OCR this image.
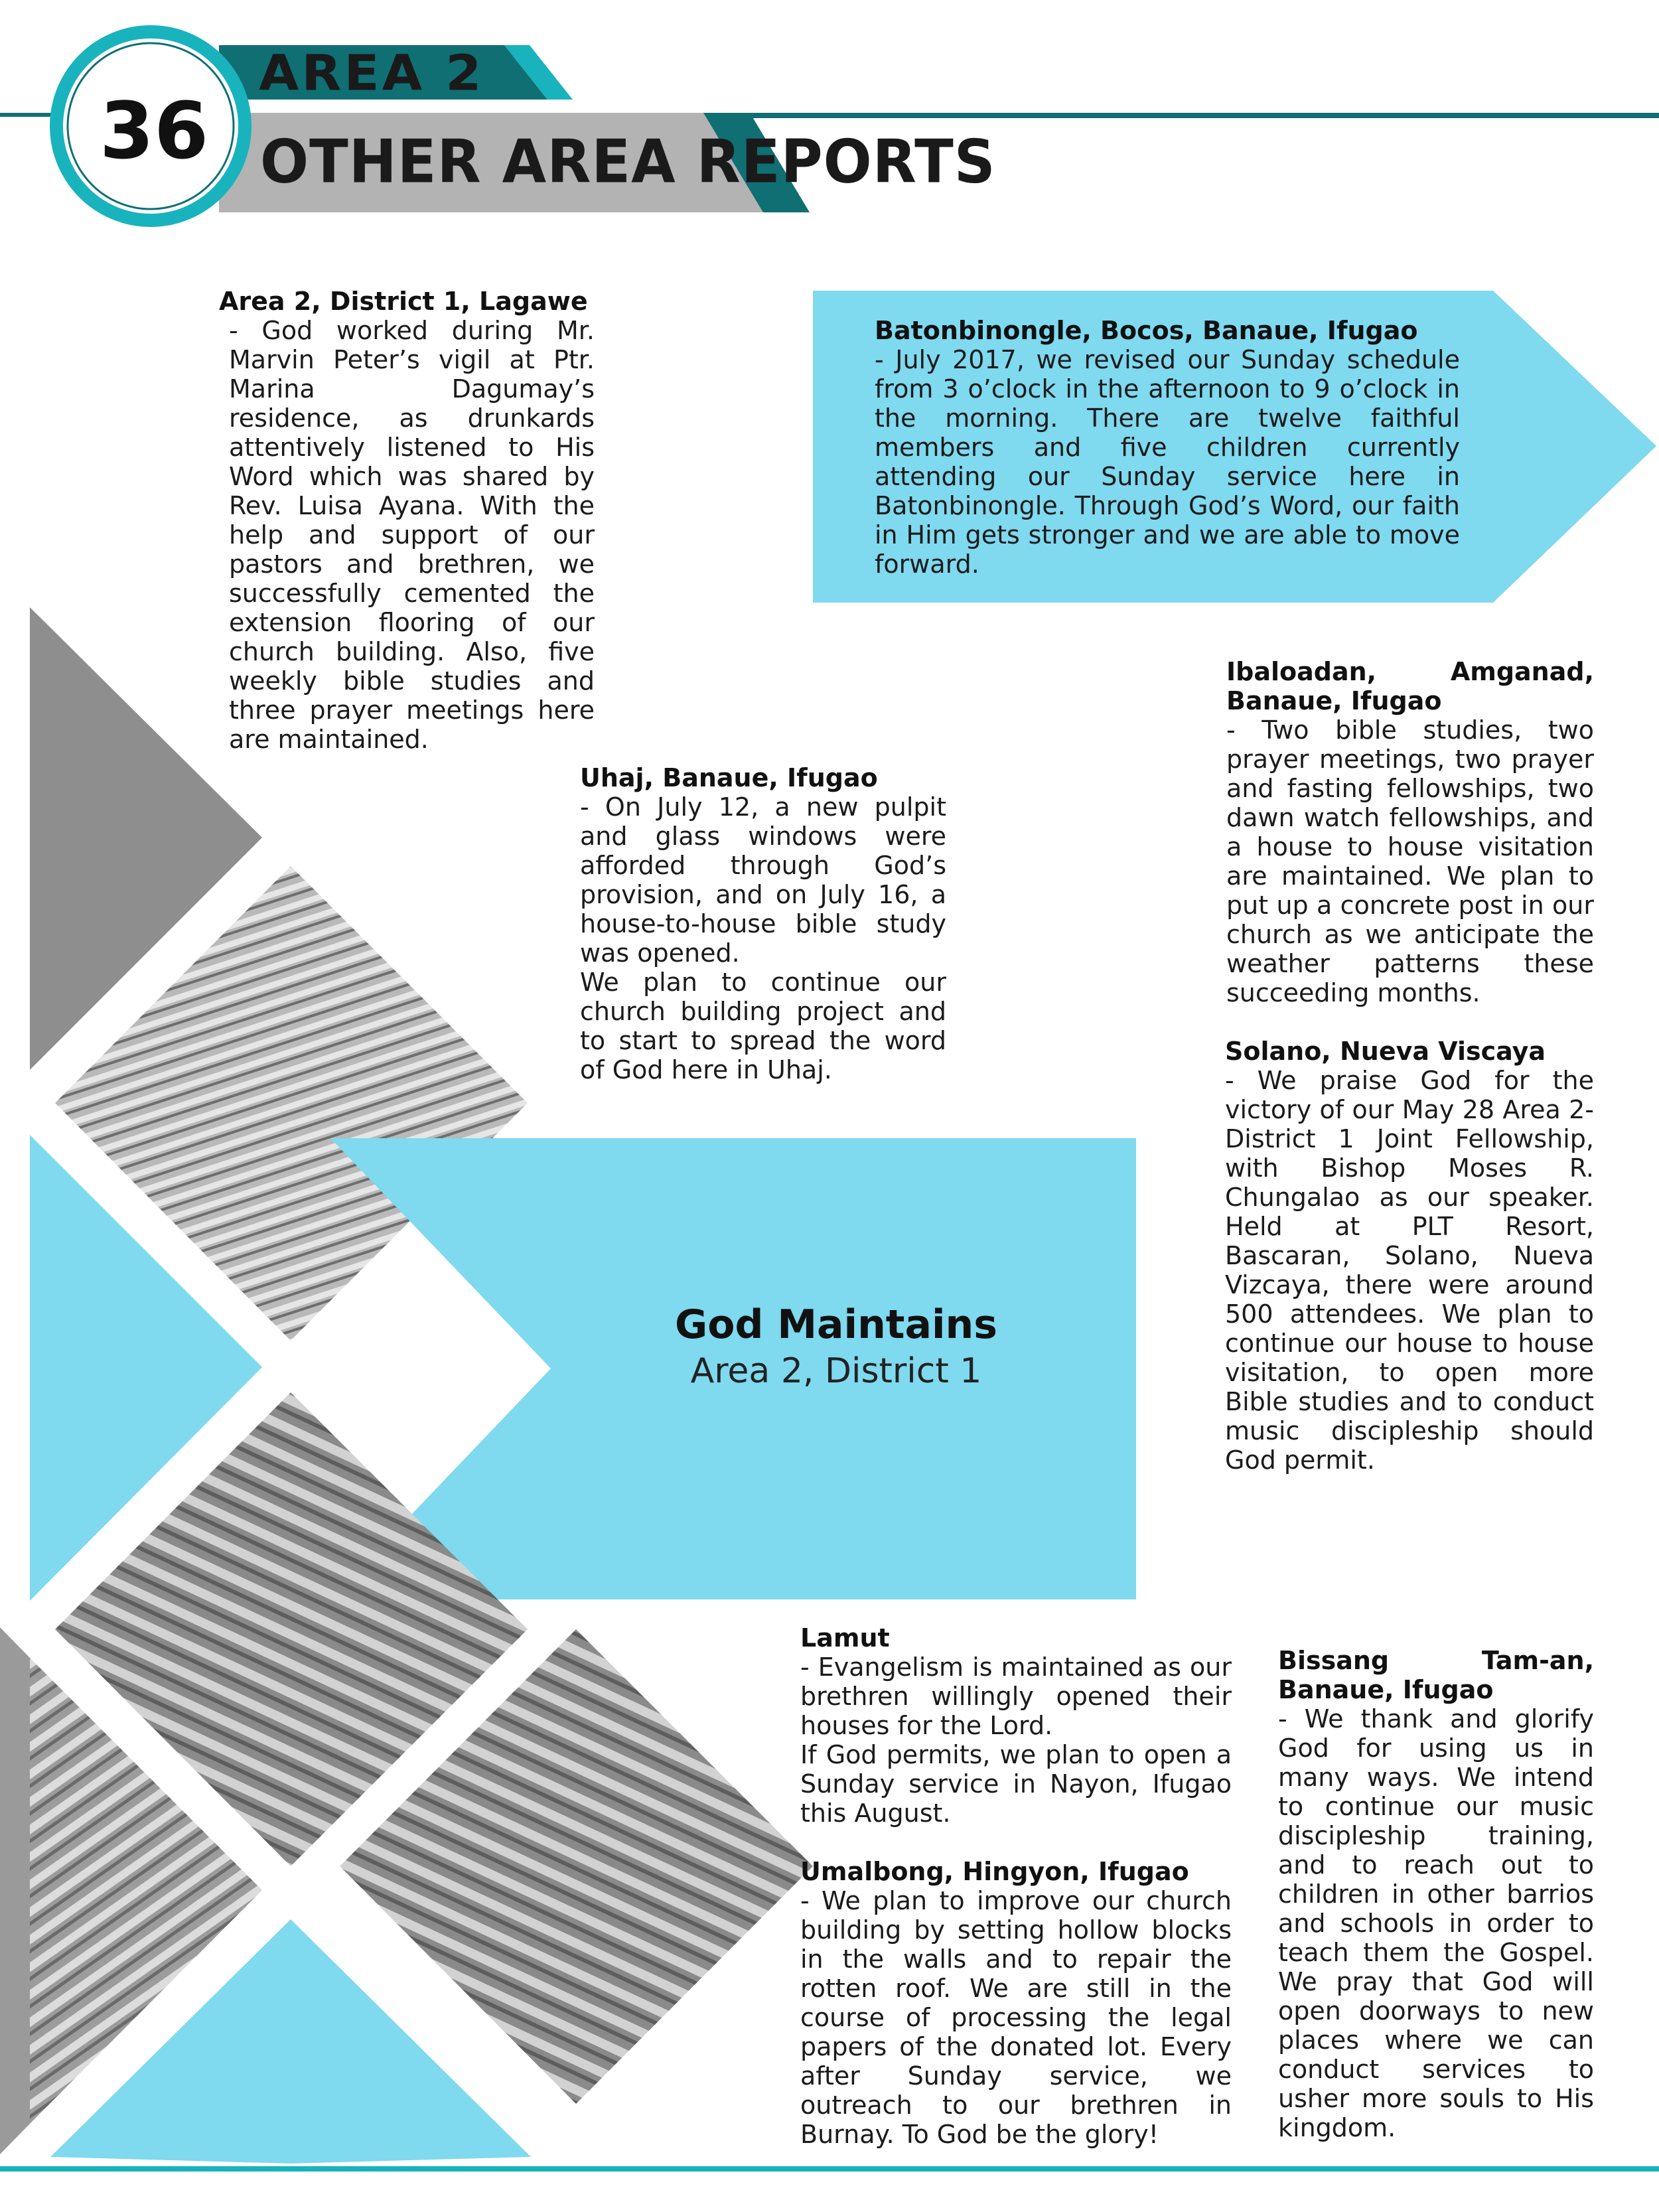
36
AREA 2
OTHER AREA REPORTS
Area 2, District 1, Lagawe

- God worked during Mr. Marvin Peter’s vigil at Ptr. Marina Dagumay’s residence, as drunkards attentively listened to His Word which was shared by Rev. Luisa Ayana. With the help and support of our pastors and brethren, we successfully cemented the extension flooring of our church building. Also, five weekly bible studies and three prayer meetings here are maintained.

Batonbinongle, Bocos, Banaue, Ifugao

- July 2017, we revised our Sunday schedule from 3 o’clock in the afternoon to 9 o’clock in the morning. There are twelve faithful members and five children currently attending our Sunday service here in Batonbinongle. Through God’s Word, our faith in Him gets stronger and we are able to move forward.

Ibaloadan, Amganad, Banaue, Ifugao

- Two bible studies, two prayer meetings, two prayer and fasting fellowships, two dawn watch fellowships, and a house to house visitation are maintained. We plan to put up a concrete post in our church as we anticipate the weather patterns these succeeding months.

Uhaj, Banaue, Ifugao

- On July 12, a new pulpit and glass windows were afforded through God’s provision, and on July 16, a house-to-house bible study was opened.

We plan to continue our church building project and to start to spread the word of God here in Uhaj.

Solano, Nueva Viscaya

- We praise God for the victory of our May 28 Area 2-District 1 Joint Fellowship, with Bishop Moses R. Chungalao as our speaker. Held at PLT Resort, Bascaran, Solano, Nueva Vizcaya, there were around 500 attendees. We plan to continue our house to house visitation, to open more Bible studies and to conduct music discipleship should God permit.

God Maintains
Area 2, District 1
Lamut

- Evangelism is maintained as our brethren willingly opened their houses for the Lord.

If God permits, we plan to open a Sunday service in Nayon, Ifugao this August.

Umalbong, Hingyon, Ifugao

- We plan to improve our church building by setting hollow blocks in the walls and to repair the rotten roof. We are still in the course of processing the legal papers of the donated lot. Every after Sunday service, we outreach to our brethren in Burnay. To God be the glory!

Bissang Tam-an, Banaue, Ifugao

- We thank and glorify God for using us in many ways. We intend to continue our music discipleship training, and to reach out to children in other barrios and schools in order to teach them the Gospel. We pray that God will open doorways to new places where we can conduct services to usher more souls to His kingdom.
